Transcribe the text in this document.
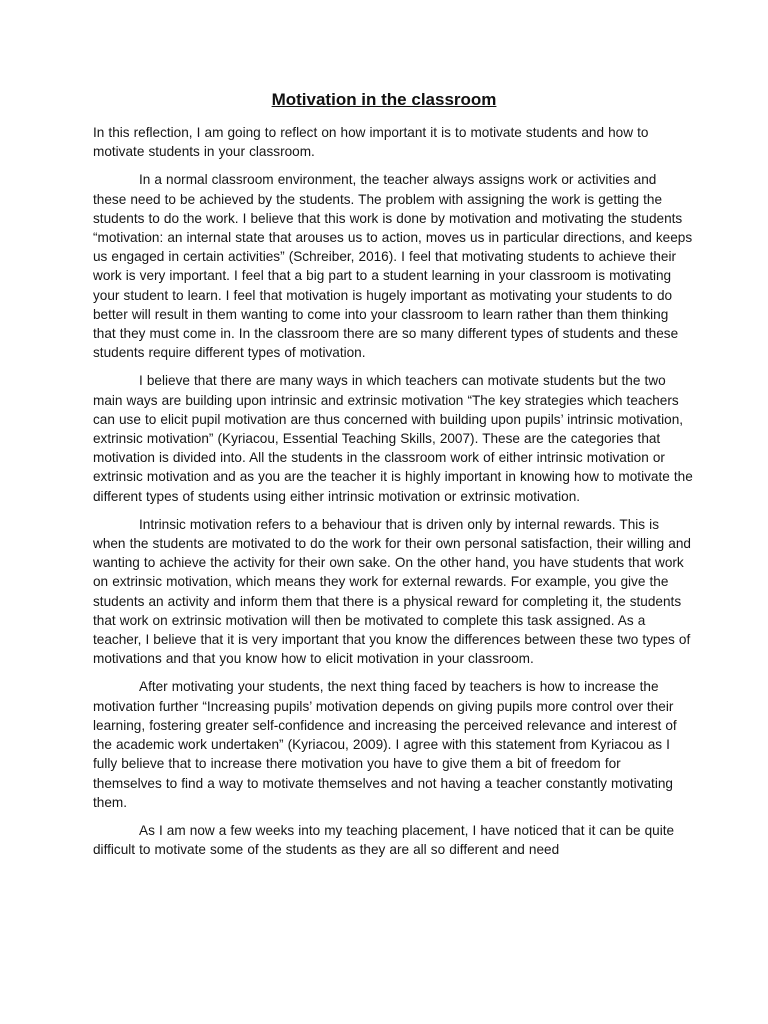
Motivation in the classroom

In this reflection, I am going to reflect on how important it is to motivate students and how to motivate students in your classroom.

In a normal classroom environment, the teacher always assigns work or activities and these need to be achieved by the students. The problem with assigning the work is getting the students to do the work. I believe that this work is done by motivation and motivating the students “motivation: an internal state that arouses us to action, moves us in particular directions, and keeps us engaged in certain activities” (Schreiber, 2016). I feel that motivating students to achieve their work is very important. I feel that a big part to a student learning in your classroom is motivating your student to learn. I feel that motivation is hugely important as motivating your students to do better will result in them wanting to come into your classroom to learn rather than them thinking that they must come in. In the classroom there are so many different types of students and these students require different types of motivation.

I believe that there are many ways in which teachers can motivate students but the two main ways are building upon intrinsic and extrinsic motivation “The key strategies which teachers can use to elicit pupil motivation are thus concerned with building upon pupils’ intrinsic motivation, extrinsic motivation” (Kyriacou, Essential Teaching Skills, 2007). These are the categories that motivation is divided into. All the students in the classroom work of either intrinsic motivation or extrinsic motivation and as you are the teacher it is highly important in knowing how to motivate the different types of students using either intrinsic motivation or extrinsic motivation.

Intrinsic motivation refers to a behaviour that is driven only by internal rewards. This is when the students are motivated to do the work for their own personal satisfaction, their willing and wanting to achieve the activity for their own sake. On the other hand, you have students that work on extrinsic motivation, which means they work for external rewards. For example, you give the students an activity and inform them that there is a physical reward for completing it, the students that work on extrinsic motivation will then be motivated to complete this task assigned. As a teacher, I believe that it is very important that you know the differences between these two types of motivations and that you know how to elicit motivation in your classroom.

After motivating your students, the next thing faced by teachers is how to increase the motivation further “Increasing pupils’ motivation depends on giving pupils more control over their learning, fostering greater self-confidence and increasing the perceived relevance and interest of the academic work undertaken” (Kyriacou, 2009). I agree with this statement from Kyriacou as I fully believe that to increase there motivation you have to give them a bit of freedom for themselves to find a way to motivate themselves and not having a teacher constantly motivating them.

As I am now a few weeks into my teaching placement, I have noticed that it can be quite difficult to motivate some of the students as they are all so different and need
